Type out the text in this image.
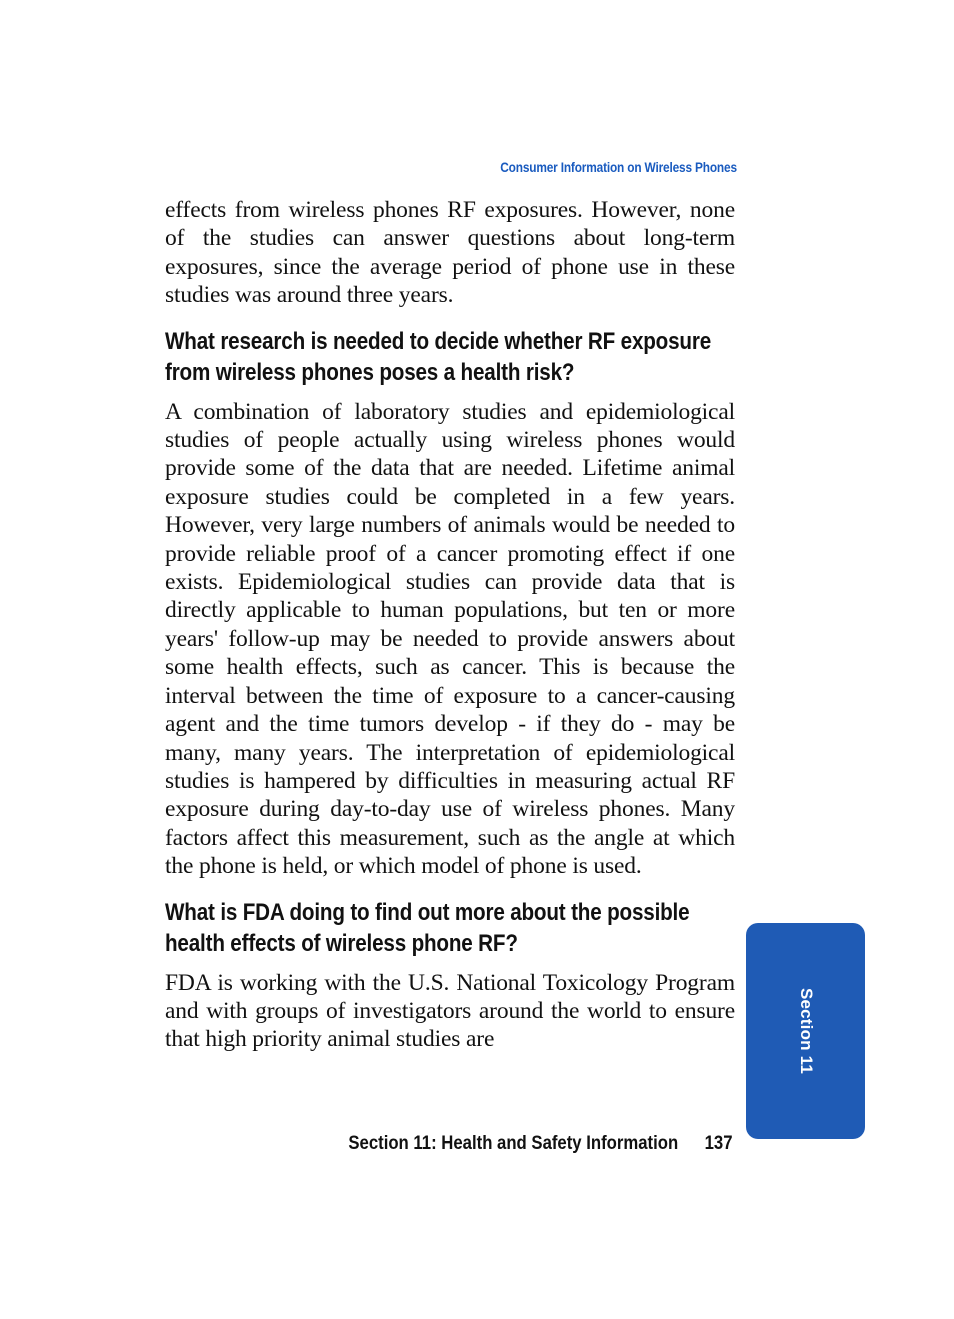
Consumer Information on Wireless Phones

effects from wireless phones RF exposures. However, none of the studies can answer questions about long-term exposures, since the average period of phone use in these studies was around three years.

What research is needed to decide whether RF exposure from wireless phones poses a health risk?

A combination of laboratory studies and epidemiological studies of people actually using wireless phones would provide some of the data that are needed. Lifetime animal exposure studies could be completed in a few years. However, very large numbers of animals would be needed to provide reliable proof of a cancer promoting effect if one exists. Epidemiological studies can provide data that is directly applicable to human populations, but ten or more years' follow-up may be needed to provide answers about some health effects, such as cancer. This is because the interval between the time of exposure to a cancer-causing agent and the time tumors develop - if they do - may be many, many years. The interpretation of epidemiological studies is hampered by difficulties in measuring actual RF exposure during day-to-day use of wireless phones. Many factors affect this measurement, such as the angle at which the phone is held, or which model of phone is used.

What is FDA doing to find out more about the possible health effects of wireless phone RF?

FDA is working with the U.S. National Toxicology Program and with groups of investigators around the world to ensure that high priority animal studies are	Section 11
Section 11: Health and Safety Information 137
